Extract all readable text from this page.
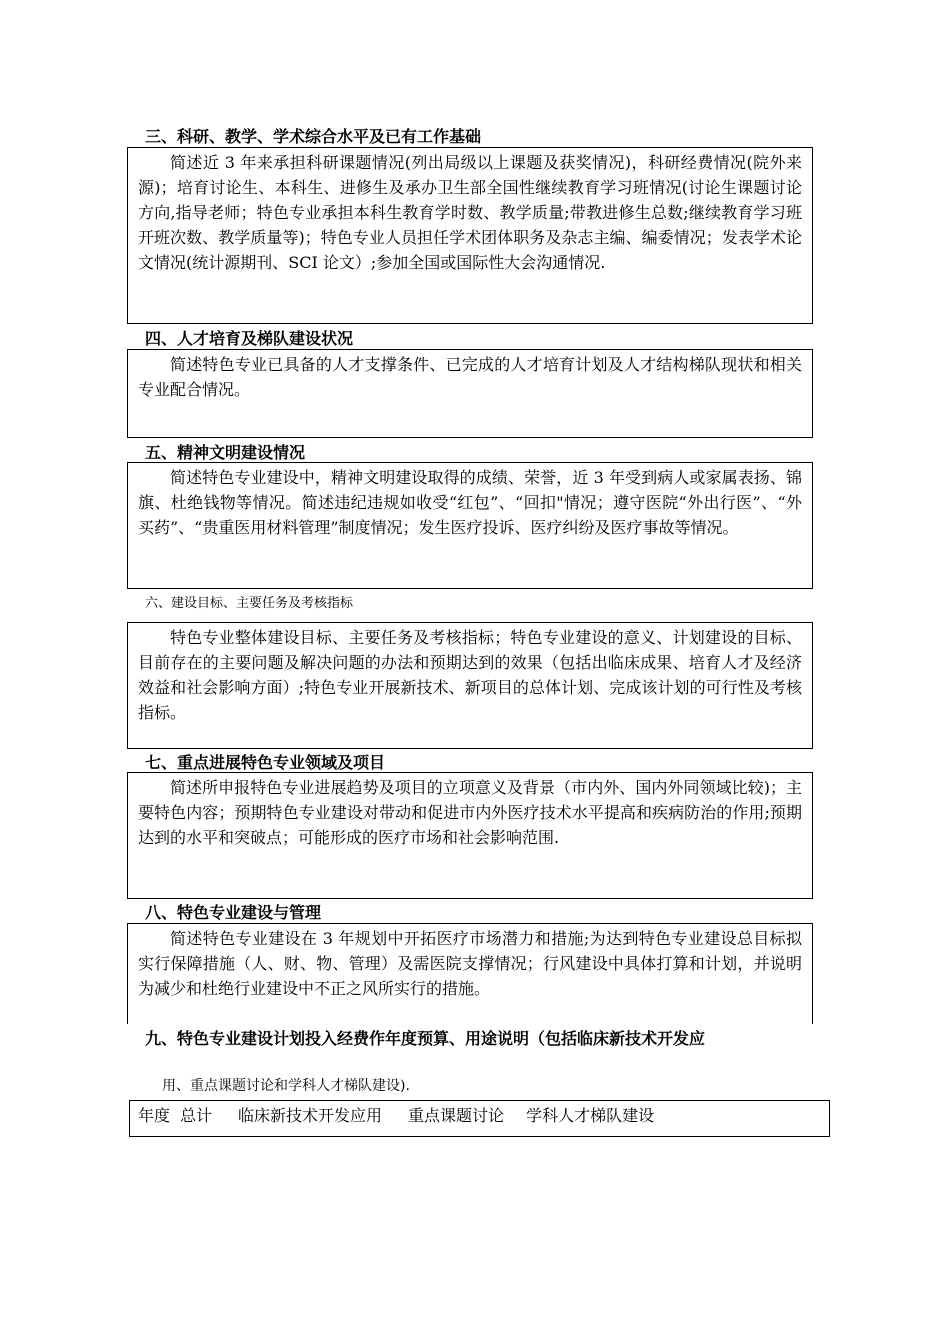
三、科研、教学、学术综合水平及已有工作基础

简述近 3 年来承担科研课题情况(列出局级以上课题及获奖情况)，科研经费情况(院外来源)；培育讨论生、本科生、进修生及承办卫生部全国性继续教育学习班情况(讨论生课题讨论方向,指导老师；特色专业承担本科生教育学时数、教学质量;带教进修生总数;继续教育学习班开班次数、教学质量等)；特色专业人员担任学术团体职务及杂志主编、编委情况；发表学术论文情况(统计源期刊、SCI 论文）;参加全国或国际性大会沟通情况.

四、人才培育及梯队建设状况

简述特色专业已具备的人才支撑条件、已完成的人才培育计划及人才结构梯队现状和相关专业配合情况。

五、精神文明建设情况

简述特色专业建设中，精神文明建设取得的成绩、荣誉，近 3 年受到病人或家属表扬、锦旗、杜绝钱物等情况。简述违纪违规如收受“红包”、“回扣"情况；遵守医院“外出行医”、“外买药”、“贵重医用材料管理”制度情况；发生医疗投诉、医疗纠纷及医疗事故等情况。

六、建设目标、主要任务及考核指标

特色专业整体建设目标、主要任务及考核指标；特色专业建设的意义、计划建设的目标、目前存在的主要问题及解决问题的办法和预期达到的效果（包括出临床成果、培育人才及经济效益和社会影响方面）;特色专业开展新技术、新项目的总体计划、完成该计划的可行性及考核指标。

七、重点进展特色专业领域及项目

简述所申报特色专业进展趋势及项目的立项意义及背景（市内外、国内外同领域比较)；主要特色内容；预期特色专业建设对带动和促进市内外医疗技术水平提高和疾病防治的作用;预期达到的水平和突破点；可能形成的医疗市场和社会影响范围.

八、特色专业建设与管理

简述特色专业建设在 3 年规划中开拓医疗市场潜力和措施;为达到特色专业建设总目标拟实行保障措施（人、财、物、管理）及需医院支撑情况；行风建设中具体打算和计划，并说明为减少和杜绝行业建设中不正之风所实行的措施。

九、特色专业建设计划投入经费作年度预算、用途说明（包括临床新技术开发应
用、重点课题讨论和学科人才梯队建设).
年度 总计 临床新技术开发应用 重点课题讨论 学科人才梯队建设
